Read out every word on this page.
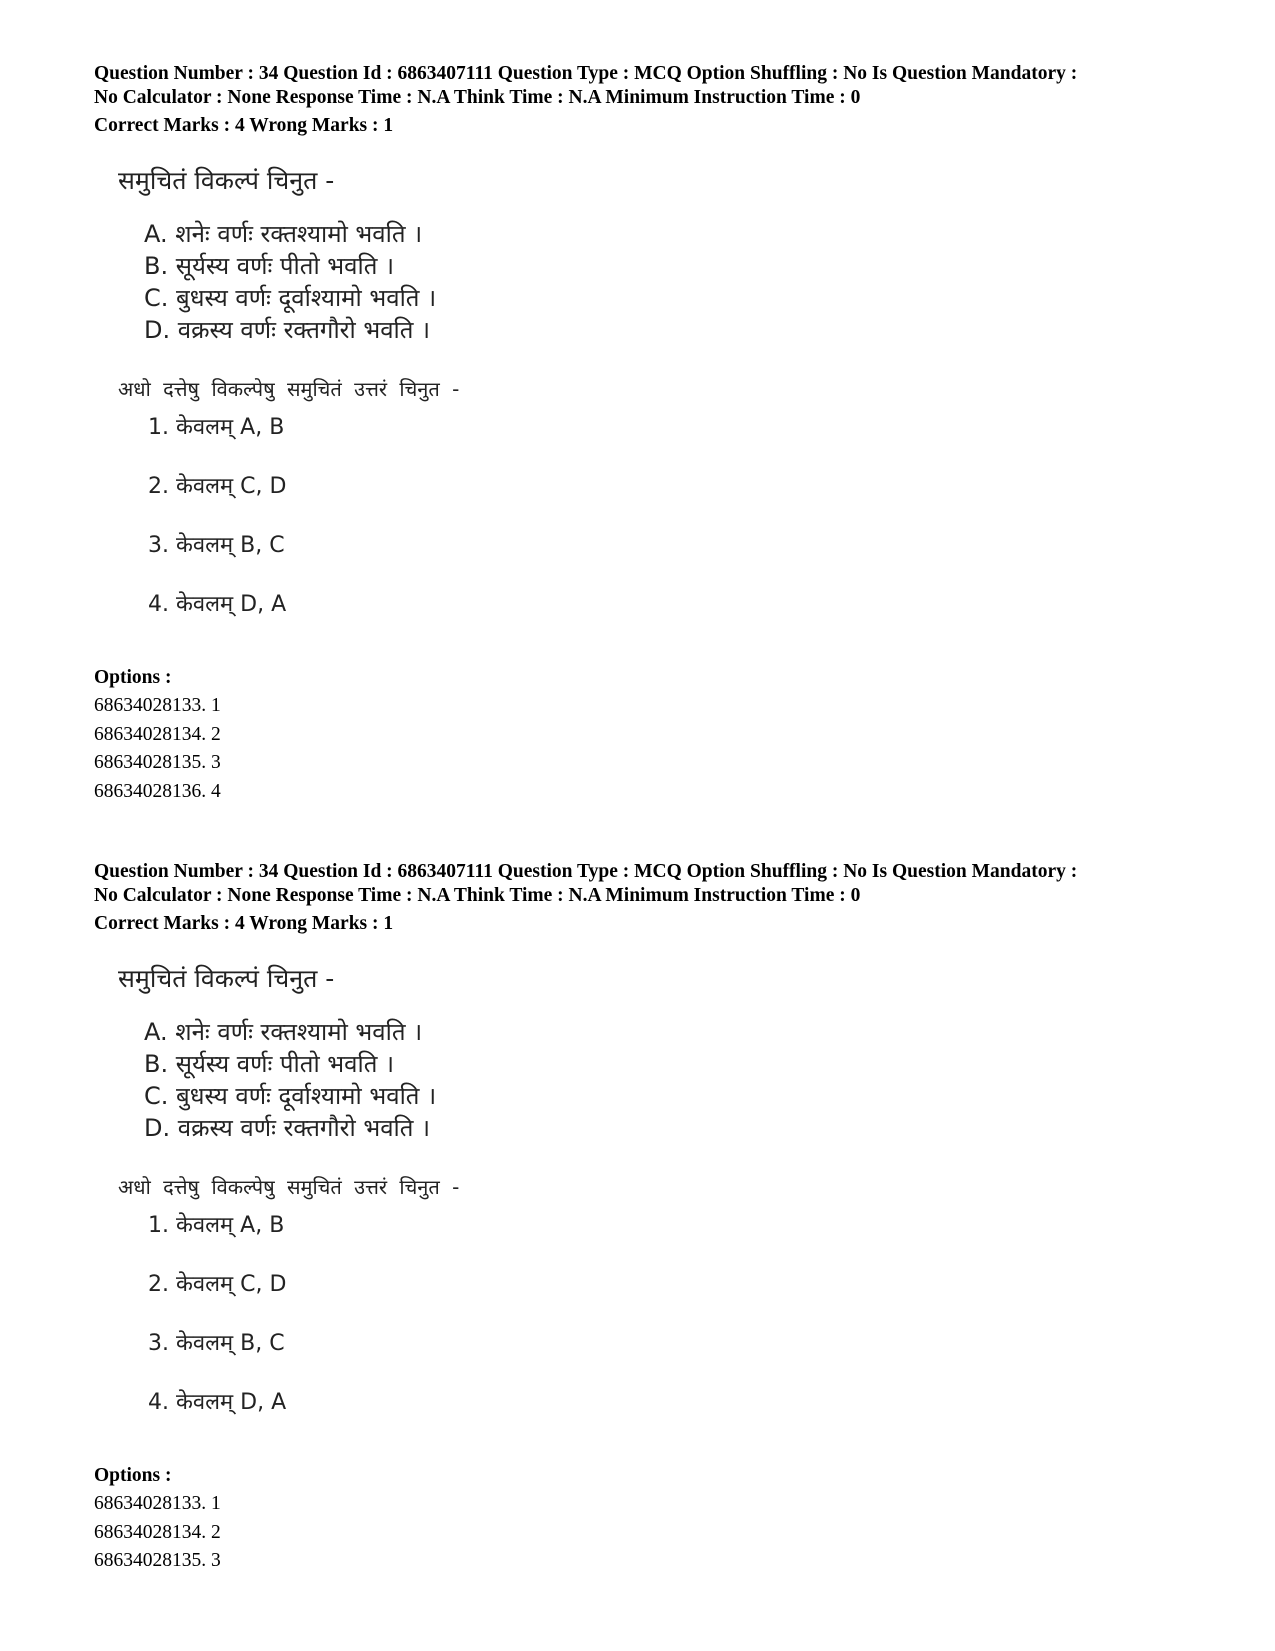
Question Number : 34 Question Id : 6863407111 Question Type : MCQ Option Shuffling : No Is Question Mandatory :
No Calculator : None Response Time : N.A Think Time : N.A Minimum Instruction Time : 0
Correct Marks : 4 Wrong Marks : 1
समुचितं विकल्पं चिनुत -
A. शनेः वर्णः रक्तश्यामो भवति ।
B. सूर्यस्य वर्णः पीतो भवति ।
C. बुधस्य वर्णः दूर्वाश्यामो भवति ।
D. वक्रस्य वर्णः रक्तगौरो भवति ।
अधो दत्तेषु विकल्पेषु समुचितं उत्तरं चिनुत -
1. केवलम् A, B
2. केवलम् C, D
3. केवलम् B, C
4. केवलम् D, A
Options :
68634028133. 1
68634028134. 2
68634028135. 3
68634028136. 4
Question Number : 34 Question Id : 6863407111 Question Type : MCQ Option Shuffling : No Is Question Mandatory :
No Calculator : None Response Time : N.A Think Time : N.A Minimum Instruction Time : 0
Correct Marks : 4 Wrong Marks : 1
समुचितं विकल्पं चिनुत -
A. शनेः वर्णः रक्तश्यामो भवति ।
B. सूर्यस्य वर्णः पीतो भवति ।
C. बुधस्य वर्णः दूर्वाश्यामो भवति ।
D. वक्रस्य वर्णः रक्तगौरो भवति ।
अधो दत्तेषु विकल्पेषु समुचितं उत्तरं चिनुत -
1. केवलम् A, B
2. केवलम् C, D
3. केवलम् B, C
4. केवलम् D, A
Options :
68634028133. 1
68634028134. 2
68634028135. 3
